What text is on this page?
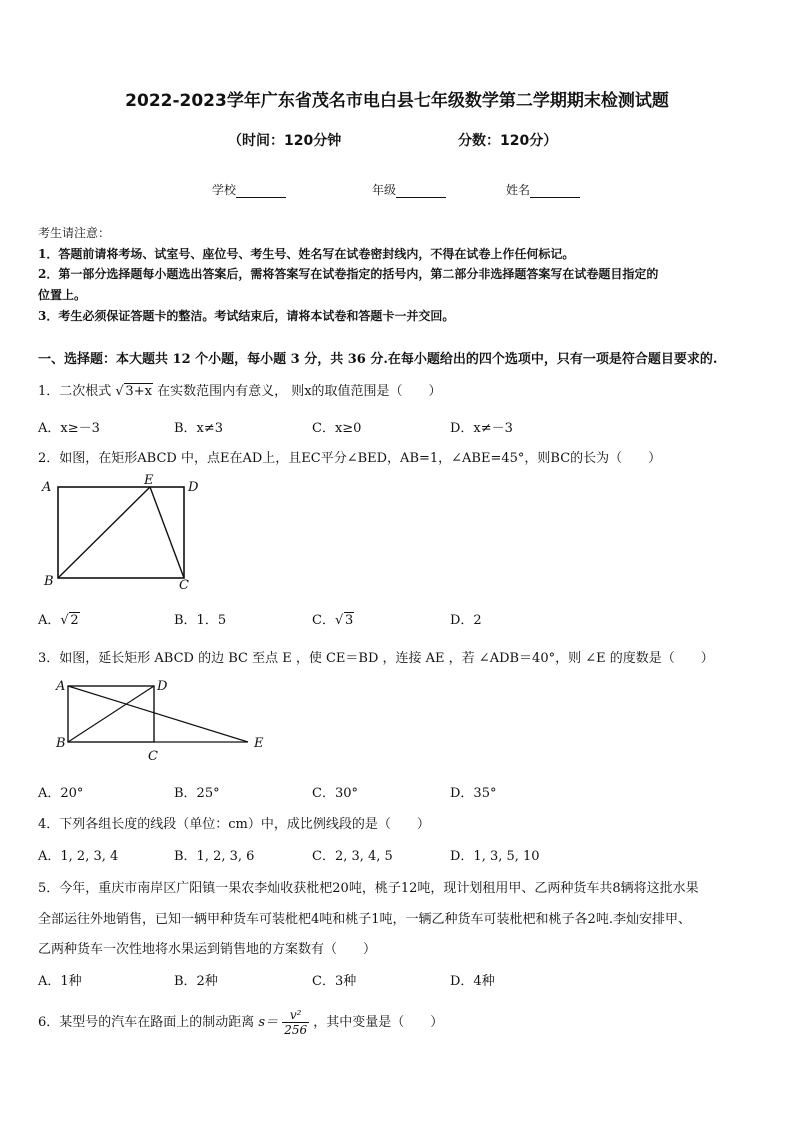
2022-2023学年广东省茂名市电白县七年级数学第二学期期末检测试题
（时间：120分钟	分数：120分）
学校	年级	姓名
考生请注意：
1．答题前请将考场、试室号、座位号、考生号、姓名写在试卷密封线内，不得在试卷上作任何标记。
2．第一部分选择题每小题选出答案后，需将答案写在试卷指定的括号内，第二部分非选择题答案写在试卷题目指定的
位置上。
3．考生必须保证答题卡的整洁。考试结束后，请将本试卷和答题卡一并交回。
一、选择题：本大题共 12 个小题，每小题 3 分，共 36 分.在每小题给出的四个选项中，只有一项是符合题目要求的.
1．二次根式 √ 3+x 在实数范围内有意义， 则x的取值范围是（　　）
A．x≥－3	B．x≠3	C．x≥0	D．x≠－3
2．如图，在矩形ABCD 中，点E在AD上，且EC平分∠BED，AB=1，∠ABE=45°，则BC的长为（　　）
A	E	D
B	C
A． √ 2	B．1．5	C． √ 3	D．2
3．如图，延长矩形 ABCD 的边 BC 至点 E ，使 CE＝BD ，连接 AE ，若 ∠ADB＝40°，则 ∠E 的度数是（　　）
A	D
B
C
E
A．20°	B．25°	C．30°	D．35°
4．下列各组长度的线段（单位：cm）中，成比例线段的是（　　）
A．1, 2, 3, 4	B．1, 2, 3, 6	C．2, 3, 4, 5	D．1, 3, 5, 10
5．今年，重庆市南岸区广阳镇一果农李灿收获枇杷20吨，桃子12吨，现计划租用甲、乙两种货车共8辆将这批水果
全部运往外地销售，已知一辆甲种货车可装枇杷4吨和桃子1吨，一辆乙种货车可装枇杷和桃子各2吨.李灿安排甲、
乙两种货车一次性地将水果运到销售地的方案数有（　　）
A．1种	B．2种	C．3种	D．4种
6．某型号的汽车在路面上的制动距离 $s= \frac{\text{v²}}{256}$ ，其中变量是（　　）
